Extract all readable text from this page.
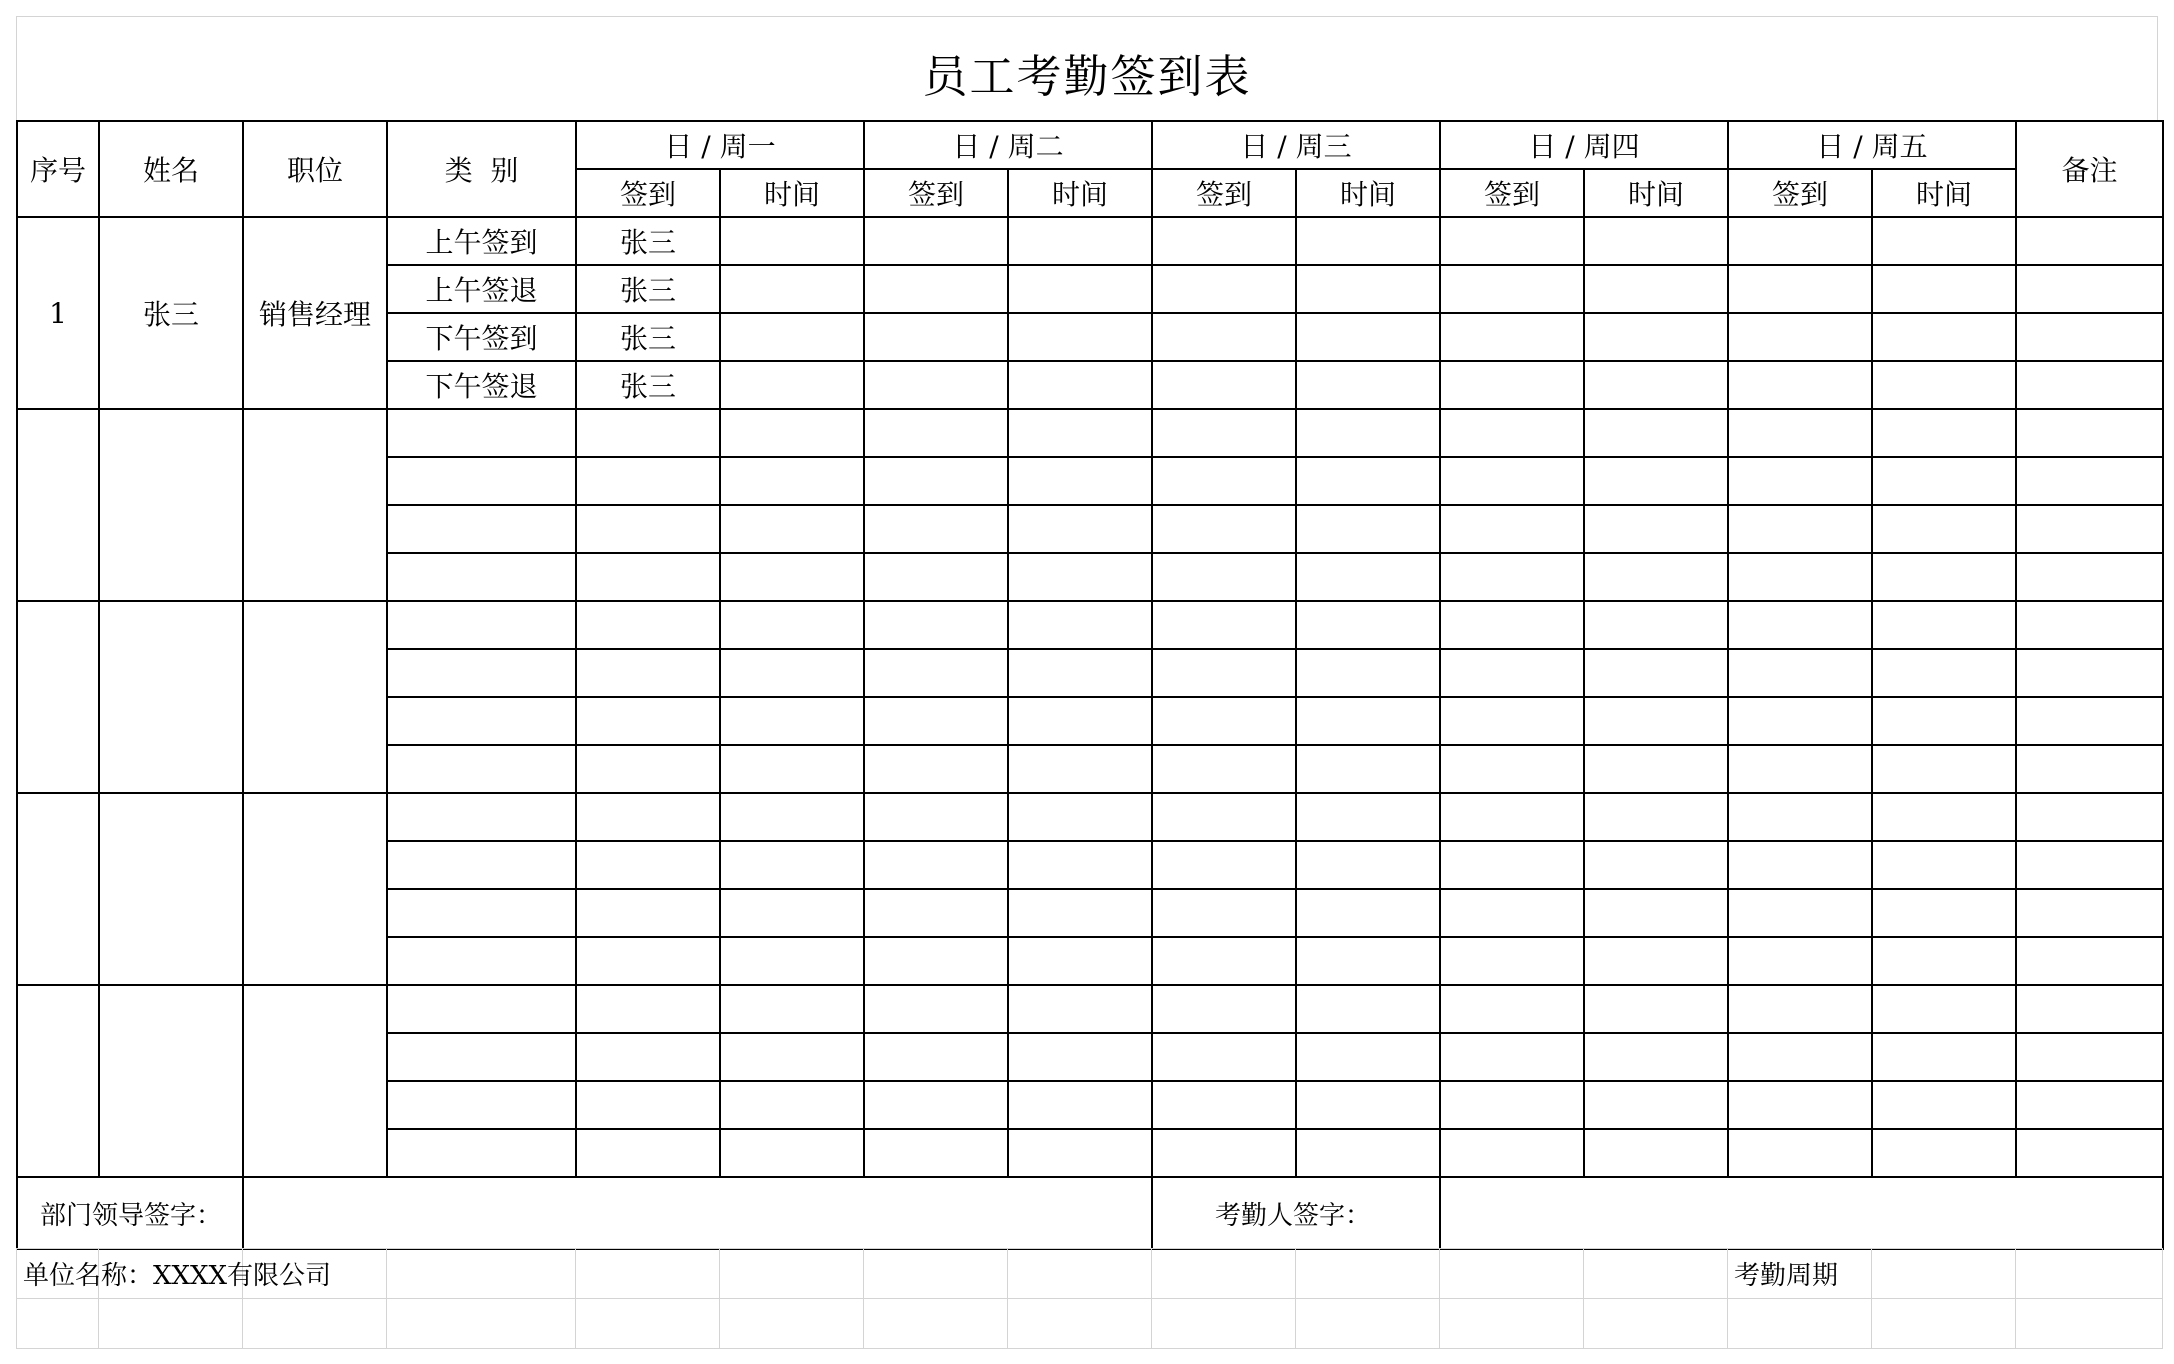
员工考勤签到表
序号	姓名	职位	类  别	日 / 周一		日 / 周二		日 / 周三		日 / 周四		日 / 周五		备注
				签到	时间	签到	时间	签到	时间	签到	时间	签到	时间	
1	张三	销售经理	上午签到	张三										
			上午签退	张三										
			下午签到	张三										
			下午签退	张三										

部门领导签字：								考勤人签字：						
单位名称：XXXX有限公司												考勤周期		
